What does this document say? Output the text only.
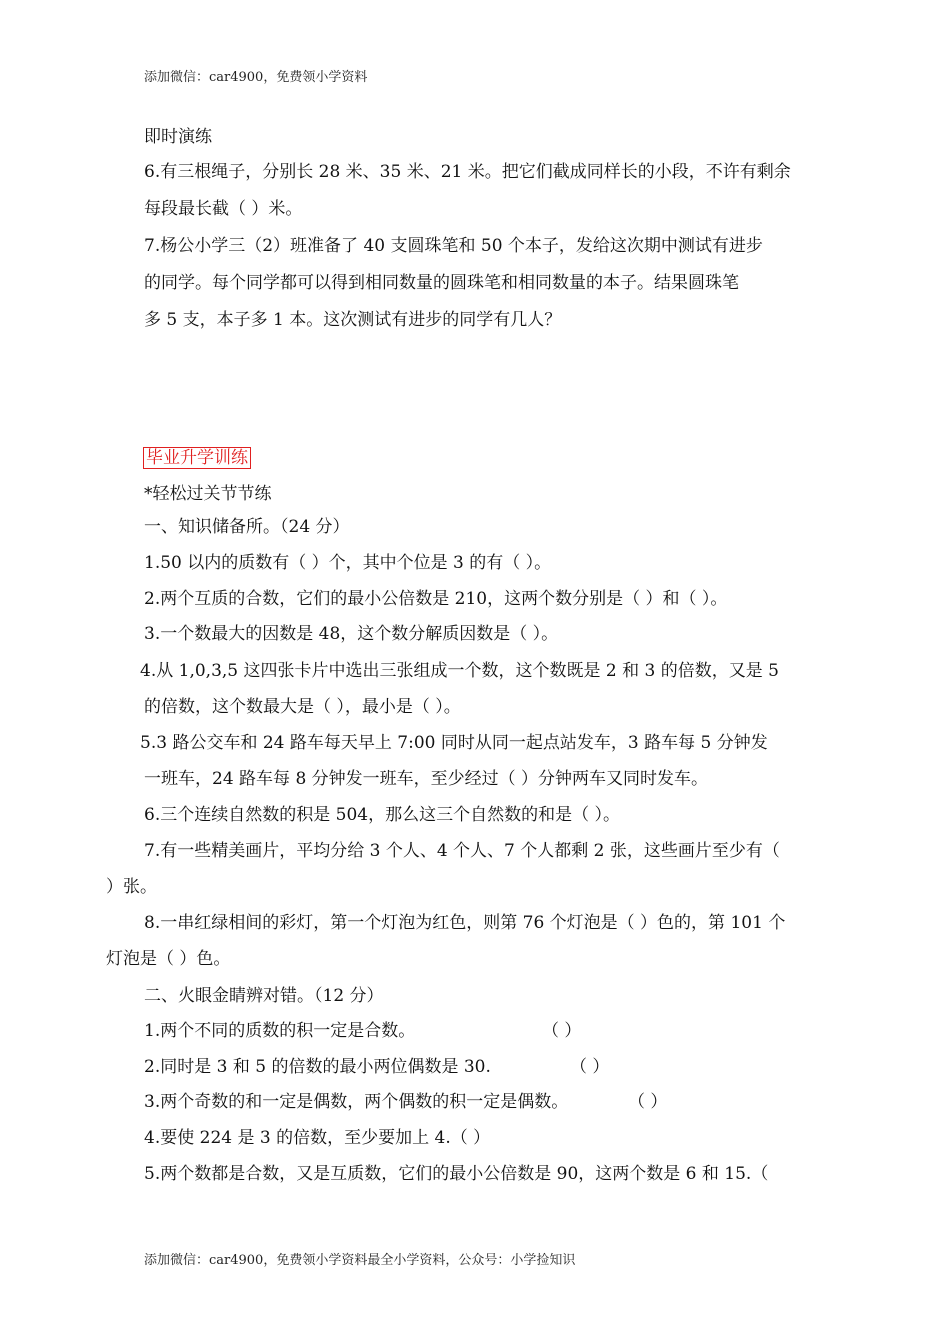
添加微信：car4900，免费领小学资料
即时演练
6.有三根绳子，分别长 28 米、35 米、21 米。把它们截成同样长的小段，不许有剩余
每段最长截（ ）米。
7.杨公小学三（2）班准备了 40 支圆珠笔和 50 个本子，发给这次期中测试有进步
的同学。每个同学都可以得到相同数量的圆珠笔和相同数量的本子。结果圆珠笔
多 5 支，本子多 1 本。这次测试有进步的同学有几人？
毕业升学训练
*轻松过关节节练
一、知识储备所。（24 分）
1.50 以内的质数有（ ）个，其中个位是 3 的有（ ）。
2.两个互质的合数，它们的最小公倍数是 210，这两个数分别是（ ）和（ ）。
3.一个数最大的因数是 48，这个数分解质因数是（ ）。
4.从 1,0,3,5 这四张卡片中选出三张组成一个数，这个数既是 2 和 3 的倍数，又是 5
的倍数，这个数最大是（ ），最小是（ ）。
5.3 路公交车和 24 路车每天早上 7:00 同时从同一起点站发车，3 路车每 5 分钟发
一班车，24 路车每 8 分钟发一班车，至少经过（ ）分钟两车又同时发车。
6.三个连续自然数的积是 504，那么这三个自然数的和是（ ）。
7.有一些精美画片，平均分给 3 个人、4 个人、7 个人都剩 2 张，这些画片至少有（
）张。
8.一串红绿相间的彩灯，第一个灯泡为红色，则第 76 个灯泡是（ ）色的，第 101 个
灯泡是（ ）色。
二、火眼金睛辨对错。（12 分）
1.两个不同的质数的积一定是合数。	（ ）
2.同时是 3 和 5 的倍数的最小两位偶数是 30.	（ ）
3.两个奇数的和一定是偶数，两个偶数的积一定是偶数。	（ ）
4.要使 224 是 3 的倍数，至少要加上 4.（ ）
5.两个数都是合数，又是互质数，它们的最小公倍数是 90，这两个数是 6 和 15.（
添加微信：car4900，免费领小学资料最全小学资料，公众号：小学捡知识
